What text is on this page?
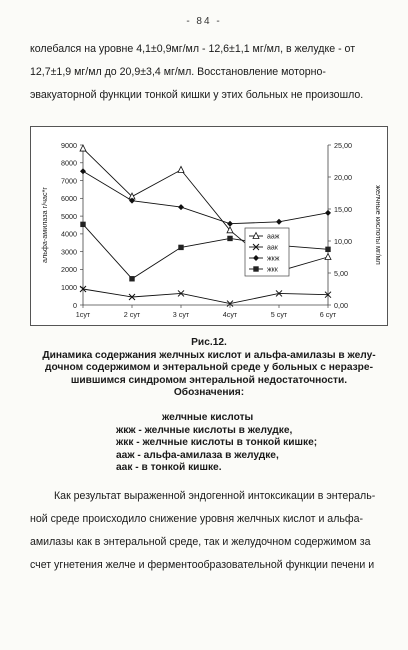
- 84 -
колебался на уровне 4,1±0,9мг/мл - 12,6±1,1 мг/мл, в желудке - от
12,7±1,9 мг/мл до 20,9±3,4 мг/мл. Восстановление моторно-
эвакуаторной функции тонкой кишки у этих больных не произошло.
0
1000
2000
3000
4000
5000
6000
7000
8000
9000
0,00
5,00
10,00
15,00
20,00
25,00
1сут	2 сут	3 сут	4сут	5 сут	6 сут
альфа-амилаза г/час*г	желчные кислоты мг/мл
аaж
аак
жкж
жкк
Рис.12.
Динамика содержания желчных кислот и альфа-амилазы в желу-
дочном содержимом и энтеральной среде у больных с неразре-
шившимся синдромом энтеральной недостаточности.
Обозначения:
желчные кислоты
жкж - желчные кислоты в желудке,
жкк - желчные кислоты в тонкой кишке;
аaж - альфа-амилаза в желудке,
аак - в тонкой кишке.
Как результат выраженной эндогенной интоксикации в энтераль-
ной среде происходило снижение уровня желчных кислот и альфа-
амилазы как в энтеральной среде, так и желудочном содержимом за
счет угнетения желче и ферментообразовательной функции печени и
